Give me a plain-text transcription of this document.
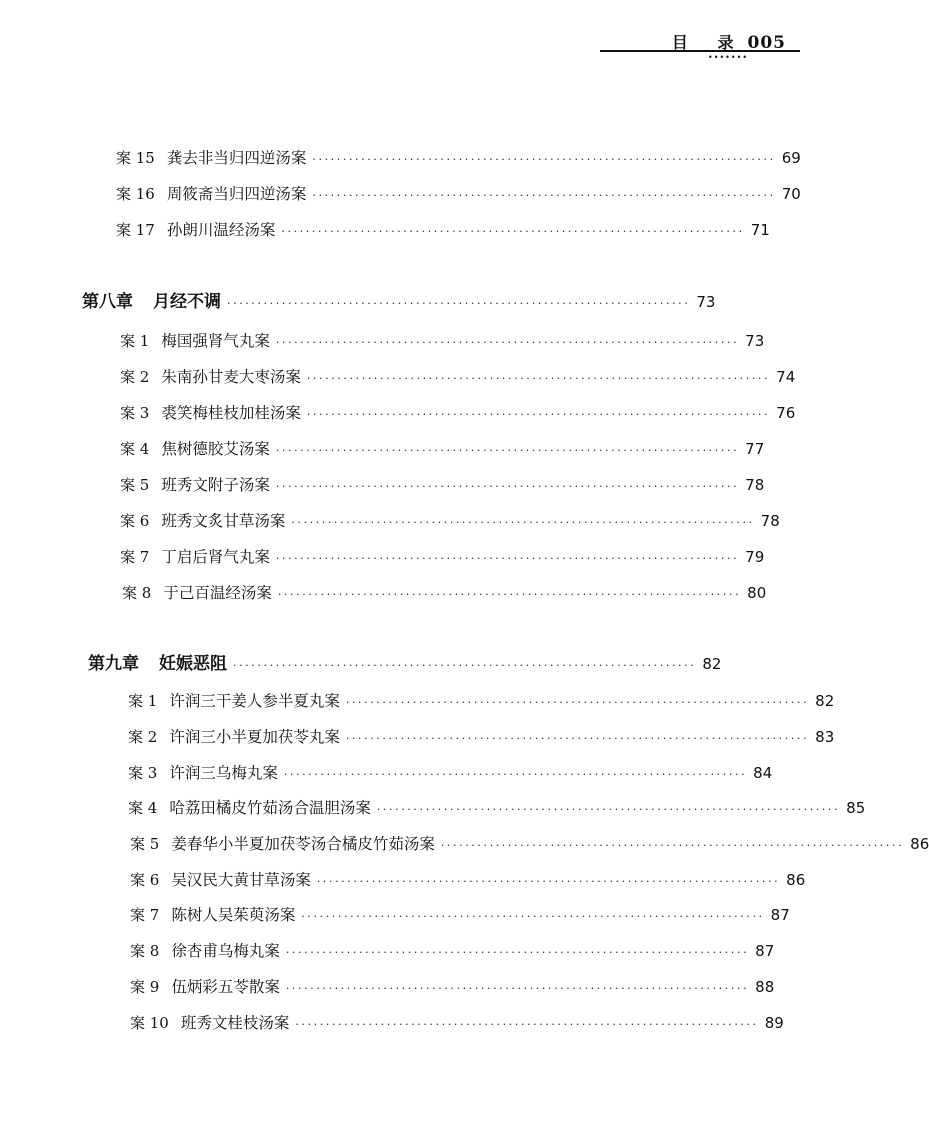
目 录 005
•••••••
案 15 龚去非当归四逆汤案 ············································································ 69
案 16 周筱斋当归四逆汤案 ············································································ 70
案 17 孙朗川温经汤案 ············································································ 71
第八章 月经不调 ············································································ 73
案 1 梅国强肾气丸案 ············································································ 73
案 2 朱南孙甘麦大枣汤案 ············································································ 74
案 3 裘笑梅桂枝加桂汤案 ············································································ 76
案 4 焦树德胶艾汤案 ············································································ 77
案 5 班秀文附子汤案 ············································································ 78
案 6 班秀文炙甘草汤案 ············································································ 78
案 7 丁启后肾气丸案 ············································································ 79
案 8 于己百温经汤案 ············································································ 80
第九章 妊娠恶阻 ············································································ 82
案 1 许润三干姜人参半夏丸案 ············································································ 82
案 2 许润三小半夏加茯苓丸案 ············································································ 83
案 3 许润三乌梅丸案 ············································································ 84
案 4 哈荔田橘皮竹茹汤合温胆汤案 ············································································ 85
案 5 姜春华小半夏加茯苓汤合橘皮竹茹汤案 ············································································ 86
案 6 吴汉民大黄甘草汤案 ············································································ 86
案 7 陈树人吴茱萸汤案 ············································································ 87
案 8 徐杏甫乌梅丸案 ············································································ 87
案 9 伍炳彩五苓散案 ············································································ 88
案 10 班秀文桂枝汤案 ············································································ 89
